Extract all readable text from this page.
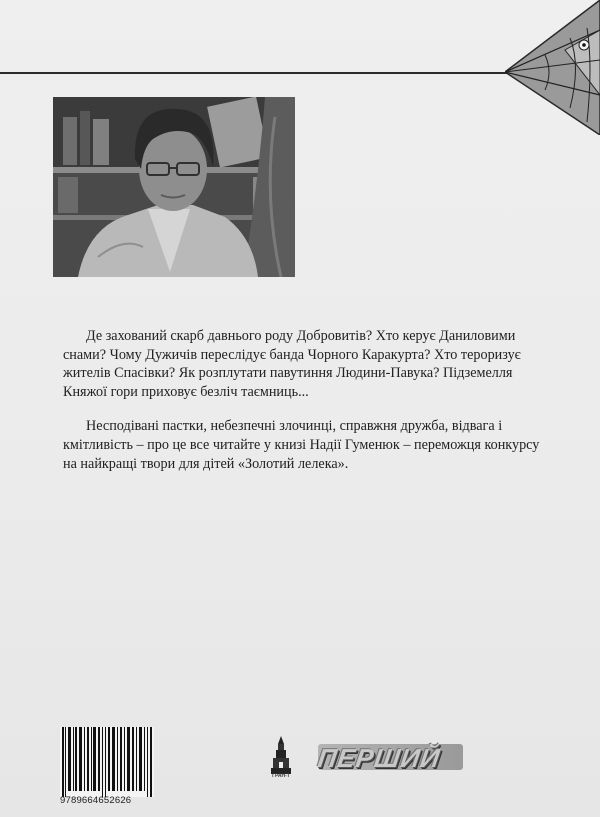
Де захований скарб давнього роду Добровитів? Хто керує Даниловими снами? Чому Дужичів переслідує банда Чорного Каракурта? Хто тероризує жителів Спасівки? Як розплутати павутиння Людини-Павука? Підземелля Княжої гори приховує безліч таємниць...

Несподівані пастки, небезпечні злочинці, справжня дружба, відвага і кмітливість – про це все читайте у книзі Надії Гуменюк – переможця конкурсу на найкращі твори для дітей «Золотий лелека».

9789664652626
ГРАН-Т
ПЕРШИЙ
